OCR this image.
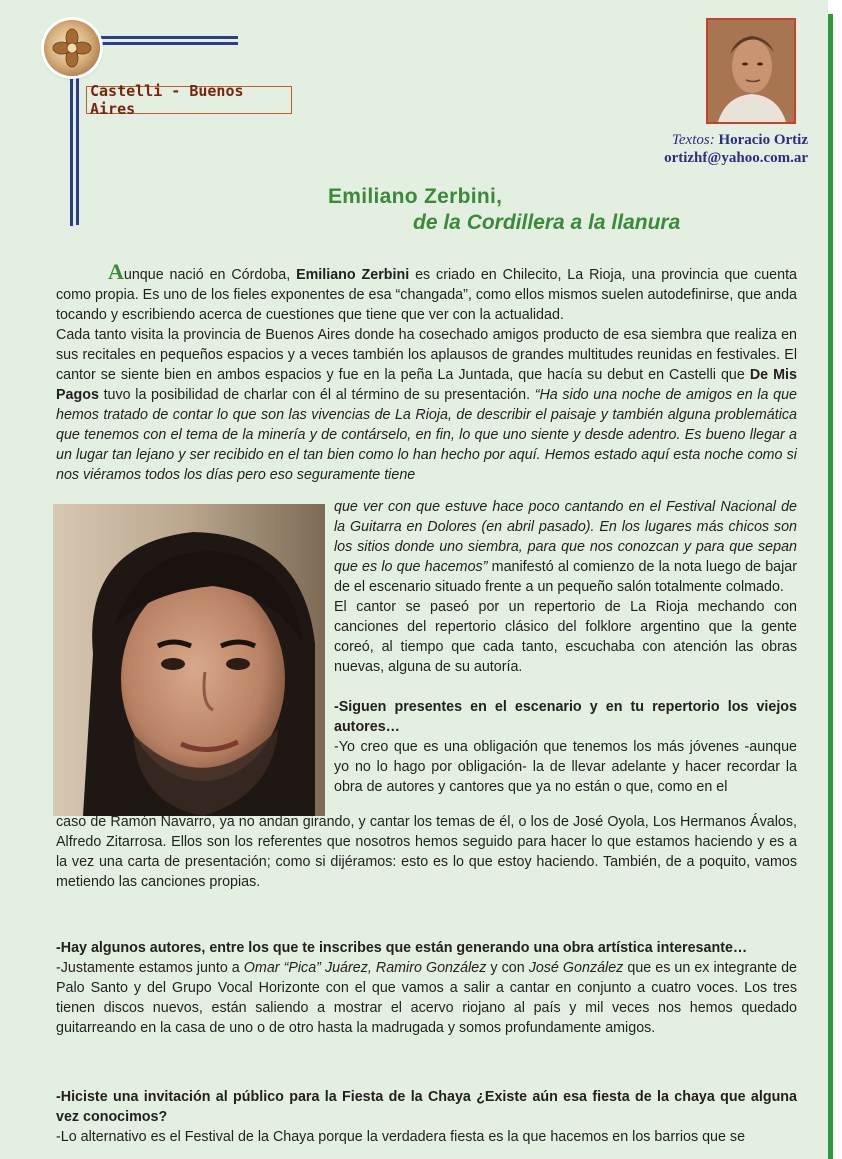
Castelli - Buenos Aires
Textos: Horacio Ortiz
ortizhf@yahoo.com.ar
Emiliano Zerbini,
de la Cordillera a la llanura

Aunque nació en Córdoba, Emiliano Zerbini es criado en Chilecito, La Rioja, una provincia que cuenta como propia. Es uno de los fieles exponentes de esa “changada”, como ellos mismos suelen autodefinirse, que anda tocando y escribiendo acerca de cuestiones que tiene que ver con la actualidad.

Cada tanto visita la provincia de Buenos Aires donde ha cosechado amigos producto de esa siembra que realiza en sus recitales en pequeños espacios y a veces también los aplausos de grandes multitudes reunidas en festivales. El cantor se siente bien en ambos espacios y fue en la peña La Juntada, que hacía su debut en Castelli que De Mis Pagos tuvo la posibilidad de charlar con él al término de su presentación. “Ha sido una noche de amigos en la que hemos tratado de contar lo que son las vivencias de La Rioja, de describir el paisaje y también alguna problemática que tenemos con el tema de la minería y de contárselo, en fin, lo que uno siente y desde adentro. Es bueno llegar a un lugar tan lejano y ser recibido en el tan bien como lo han hecho por aquí. Hemos estado aquí esta noche como si nos viéramos todos los días pero eso seguramente tiene

que ver con que estuve hace poco cantando en el Festival Nacional de la Guitarra en Dolores (en abril pasado). En los lugares más chicos son los sitios donde uno siembra, para que nos conozcan y para que sepan que es lo que hacemos” manifestó al comienzo de la nota luego de bajar de el escenario situado frente a un pequeño salón totalmente colmado.

El cantor se paseó por un repertorio de La Rioja mechando con canciones del repertorio clásico del folklore argentino que la gente coreó, al tiempo que cada tanto, escuchaba con atención las obras nuevas, alguna de su autoría.

-Siguen presentes en el escenario y en tu repertorio los viejos autores…

-Yo creo que es una obligación que tenemos los más jóvenes -aunque yo no lo hago por obligación- la de llevar adelante y hacer recordar la obra de autores y cantores que ya no están o que, como en el

caso de Ramón Navarro, ya no andan girando, y cantar los temas de él, o los de José Oyola, Los Hermanos Ávalos, Alfredo Zitarrosa. Ellos son los referentes que nosotros hemos seguido para hacer lo que estamos haciendo y es a la vez una carta de presentación; como si dijéramos: esto es lo que estoy haciendo. También, de a poquito, vamos metiendo las canciones propias.

-Hay algunos autores, entre los que te inscribes que están generando una obra artística interesante…

-Justamente estamos junto a Omar “Pica” Juárez, Ramiro González y con José González que es un ex integrante de Palo Santo y del Grupo Vocal Horizonte con el que vamos a salir a cantar en conjunto a cuatro voces. Los tres tienen discos nuevos, están saliendo a mostrar el acervo riojano al país y mil veces nos hemos quedado guitarreando en la casa de uno o de otro hasta la madrugada y somos profundamente amigos.

-Hiciste una invitación al público para la Fiesta de la Chaya ¿Existe aún esa fiesta de la chaya que alguna vez conocimos?

-Lo alternativo es el Festival de la Chaya porque la verdadera fiesta es la que hacemos en los barrios que se
